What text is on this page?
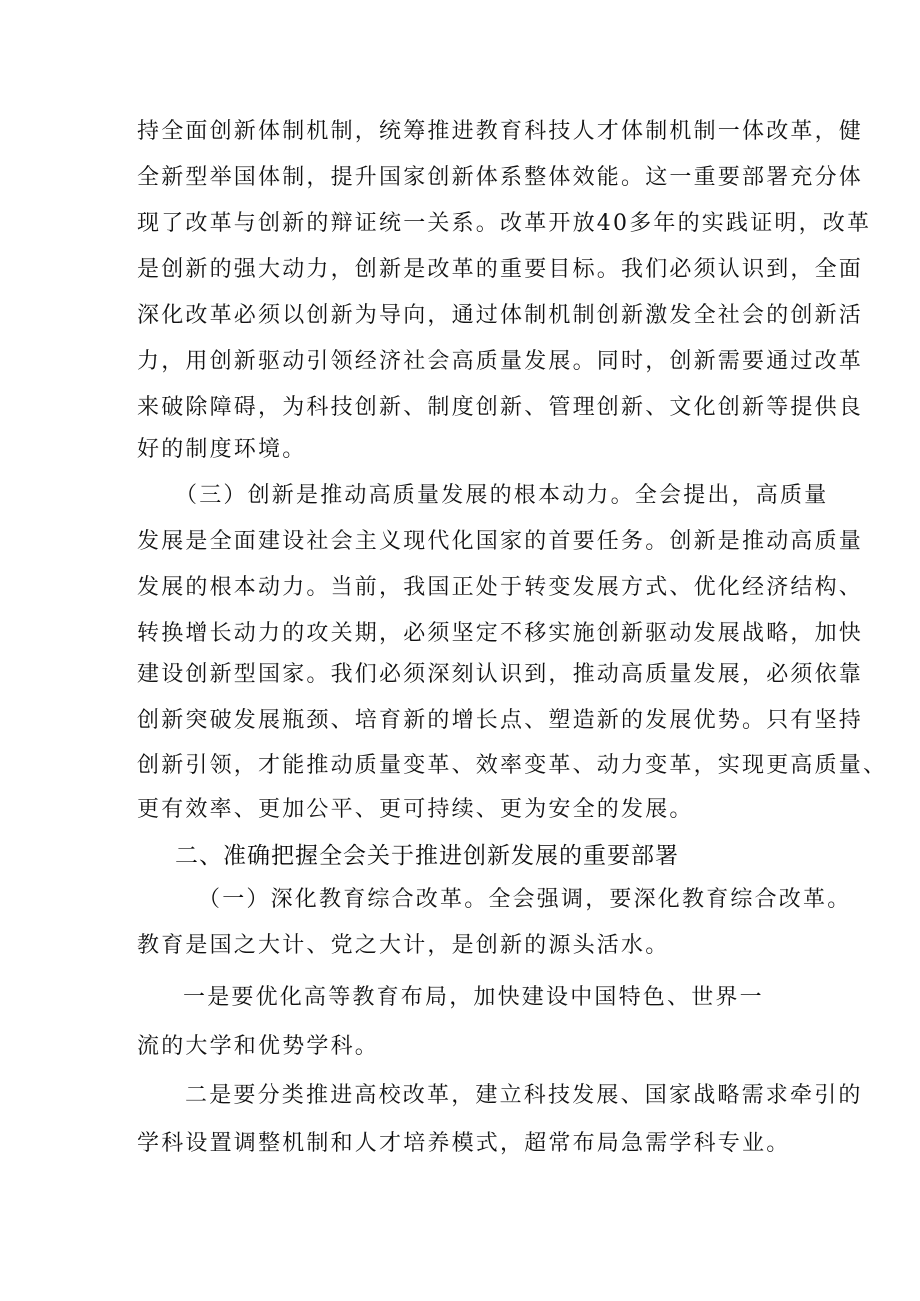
持全面创新体制机制，统筹推进教育科技人才体制机制一体改革，健
全新型举国体制，提升国家创新体系整体效能。这一重要部署充分体
现了改革与创新的辩证统一关系。改革开放40多年的实践证明，改革
是创新的强大动力，创新是改革的重要目标。我们必须认识到，全面
深化改革必须以创新为导向，通过体制机制创新激发全社会的创新活
力，用创新驱动引领经济社会高质量发展。同时，创新需要通过改革
来破除障碍，为科技创新、制度创新、管理创新、文化创新等提供良
好的制度环境。
（三）创新是推动高质量发展的根本动力。全会提出，高质量
发展是全面建设社会主义现代化国家的首要任务。创新是推动高质量
发展的根本动力。当前，我国正处于转变发展方式、优化经济结构、
转换增长动力的攻关期，必须坚定不移实施创新驱动发展战略，加快
建设创新型国家。我们必须深刻认识到，推动高质量发展，必须依靠
创新突破发展瓶颈、培育新的增长点、塑造新的发展优势。只有坚持
创新引领，才能推动质量变革、效率变革、动力变革，实现更高质量、
更有效率、更加公平、更可持续、更为安全的发展。
二、准确把握全会关于推进创新发展的重要部署
（一）深化教育综合改革。全会强调，要深化教育综合改革。
教育是国之大计、党之大计，是创新的源头活水。
一是要优化高等教育布局，加快建设中国特色、世界一
流的大学和优势学科。
二是要分类推进高校改革，建立科技发展、国家战略需求牵引的
学科设置调整机制和人才培养模式，超常布局急需学科专业。
